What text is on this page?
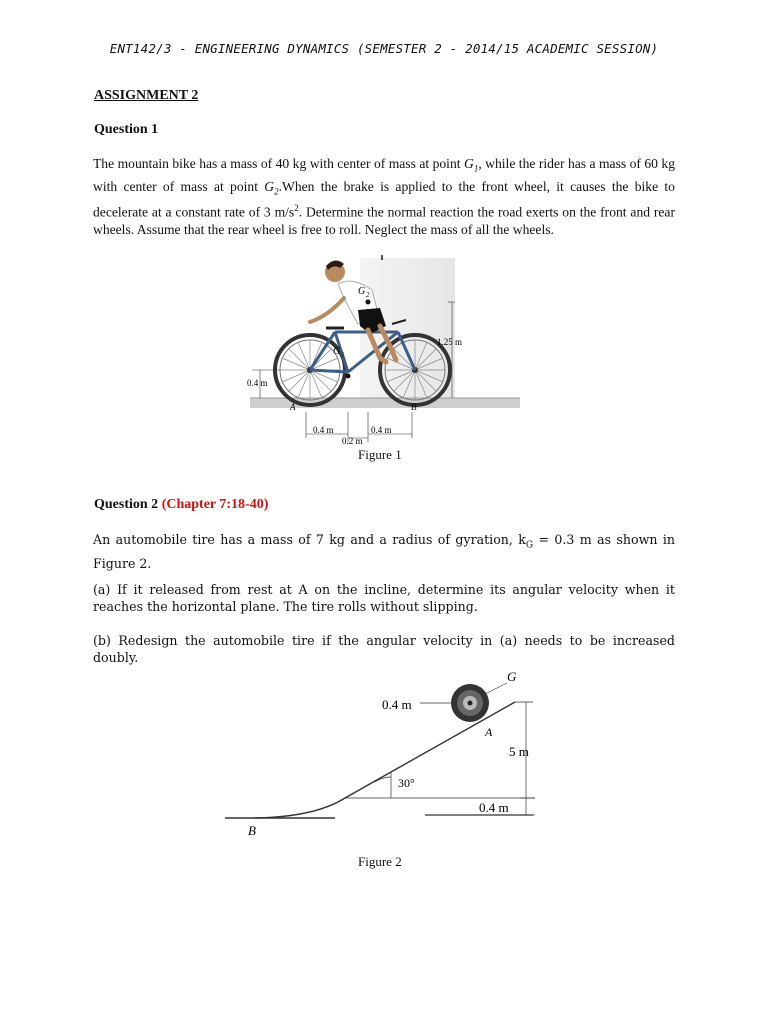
ENT142/3 - ENGINEERING DYNAMICS (SEMESTER 2 - 2014/15 ACADEMIC SESSION)
ASSIGNMENT 2
Question 1
The mountain bike has a mass of 40 kg with center of mass at point $G_1$, while the rider has a mass of 60 kg with center of mass at point $G_2.When$ the brake is applied to the front wheel, it causes the bike to decelerate at a constant rate of 3 $m/s^2$. Determine the normal reaction the road exerts on the front and rear wheels. Assume that the rear wheel is free to roll. Neglect the mass of all the wheels.
G 2
G 1
1.25 m
0.4 m
A	B
0.4 m
0.2 m
0.4 m
Figure 1
Question 2 (Chapter 7:18-40)
An automobile tire has a mass of 7 kg and a radius of gyration, $k_G = 0.3$ m as shown in Figure 2.
(a) If it released from rest at A on the incline, determine its angular velocity when it reaches the horizontal plane. The tire rolls without slipping.
(b) Redesign the automobile tire if the angular velocity in (a) needs to be increased doubly.
0.4 m
G
A
5 m
0.4 m
30°
B
Figure 2
